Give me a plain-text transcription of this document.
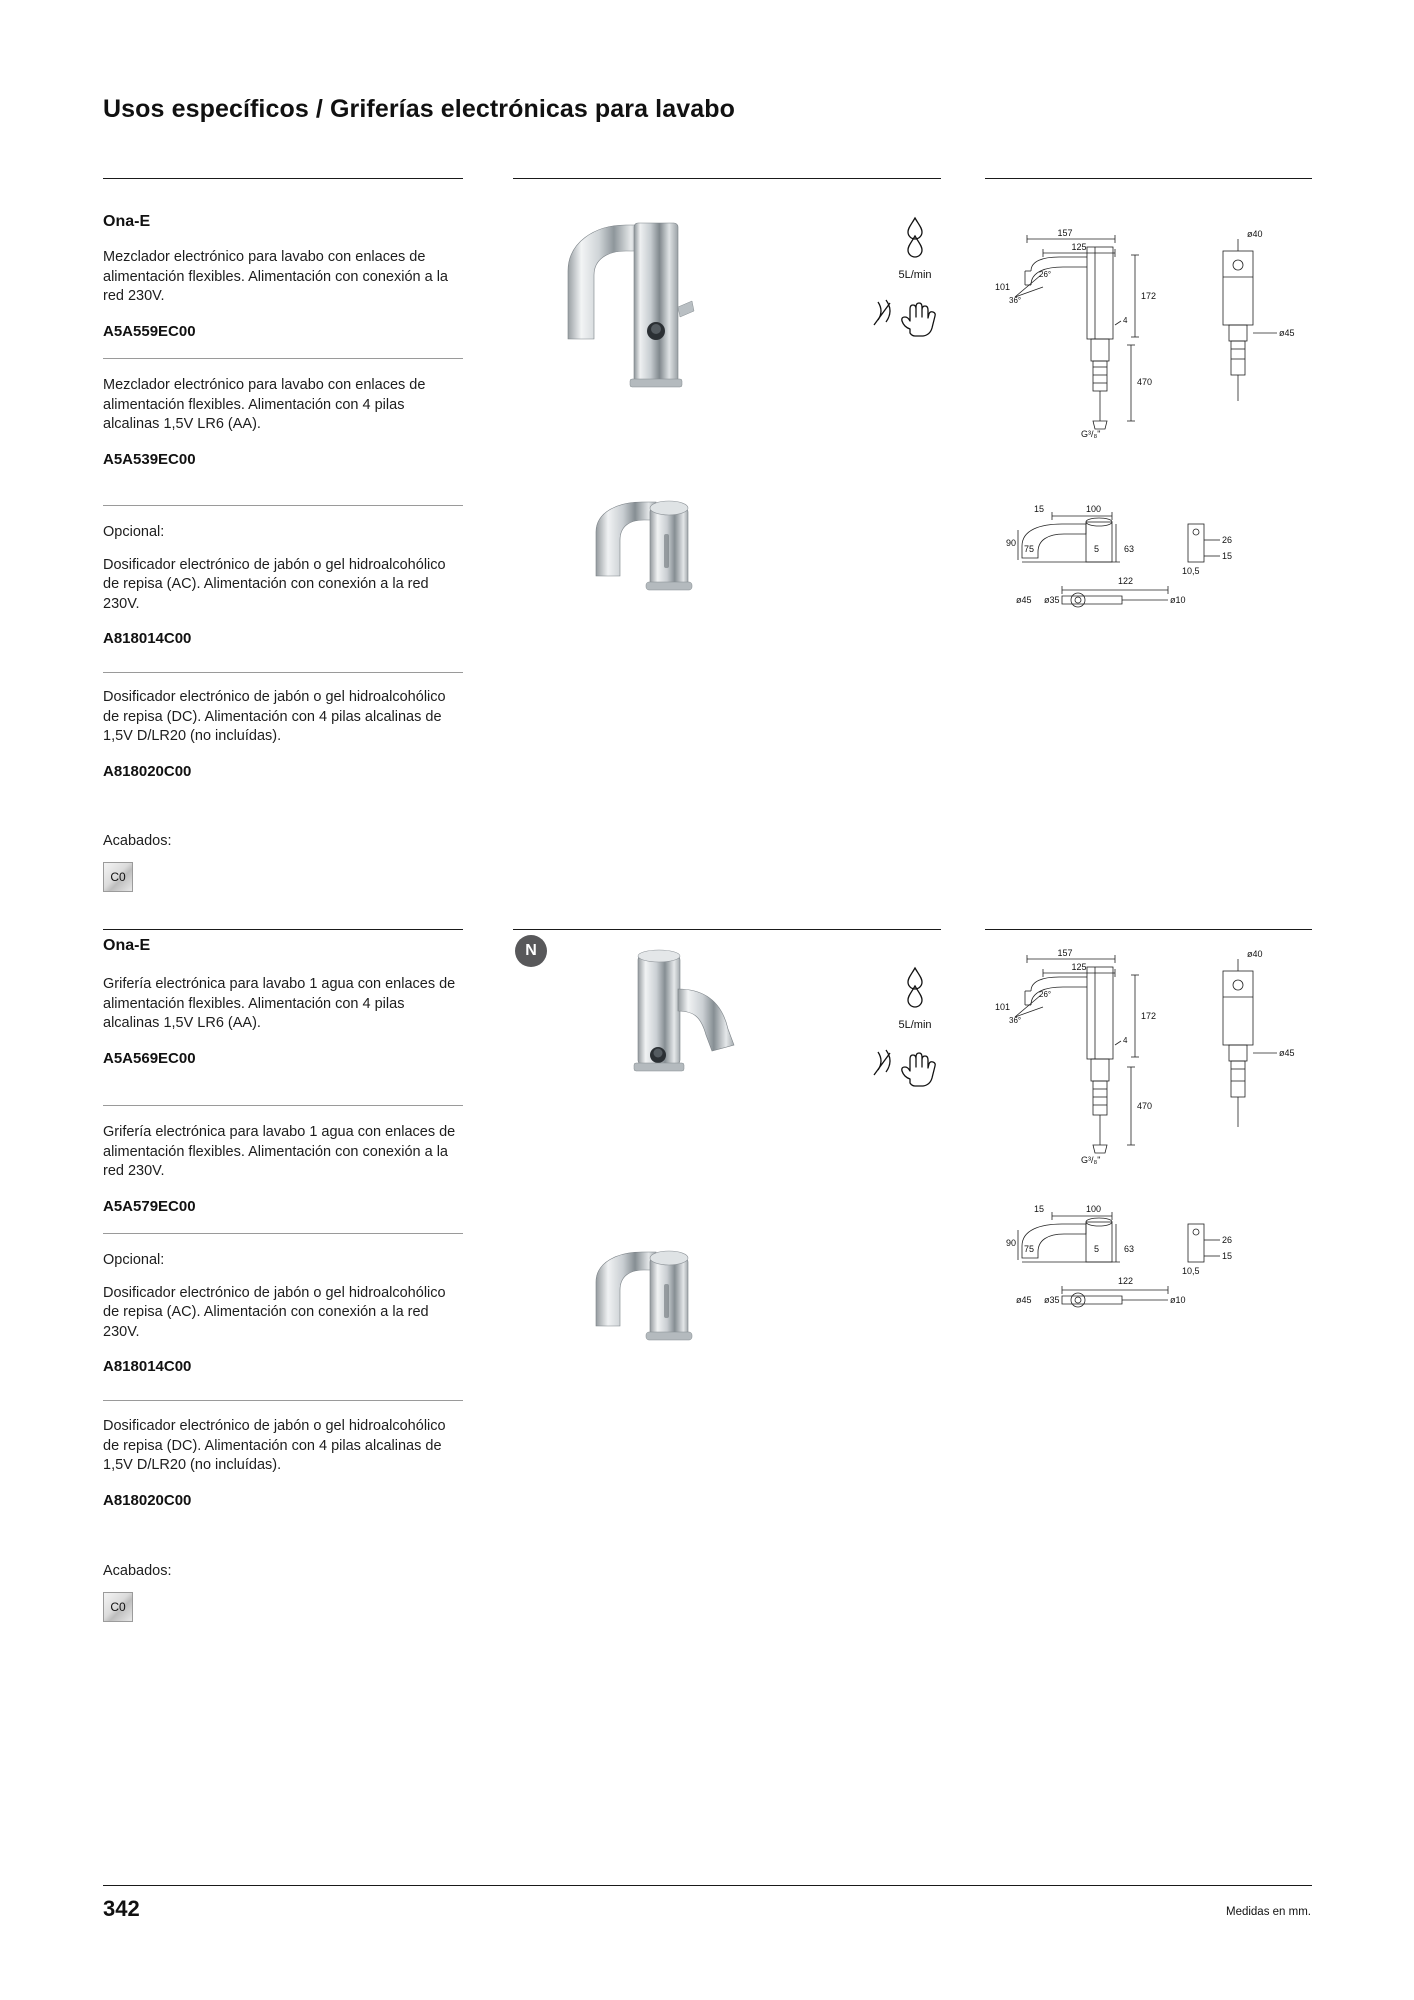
Usos específicos / Griferías electrónicas para lavabo
Ona-E
Mezclador electrónico para lavabo con enlaces de alimentación flexibles. Alimentación con conexión a la red 230V.
A5A559EC00
Mezclador electrónico para lavabo con enlaces de alimentación flexibles. Alimentación con 4 pilas alcalinas 1,5V LR6 (AA).
A5A539EC00
Opcional:
Dosificador electrónico de jabón o gel hidroalcohólico de repisa (AC). Alimentación con conexión a la red 230V.
A818014C00
Dosificador electrónico de jabón o gel hidroalcohólico de repisa (DC). Alimentación con 4 pilas alcalinas de 1,5V D/LR20 (no incluídas).
A818020C00
Acabados:
C0
5L/min
157
125
101
26°
36°	172
4
470
G³/₈"
ø40
ø45
15	100
90
75	5	63
26
15
10,5
122
ø10
ø45 ø35
N
Ona-E
Grifería electrónica para lavabo 1 agua con enlaces de alimentación flexibles. Alimentación con 4 pilas alcalinas 1,5V LR6 (AA).
A5A569EC00
Grifería electrónica para lavabo 1 agua con enlaces de alimentación flexibles. Alimentación con conexión a la red 230V.
A5A579EC00
Opcional:
Dosificador electrónico de jabón o gel hidroalcohólico de repisa (AC). Alimentación con conexión a la red 230V.
A818014C00
Dosificador electrónico de jabón o gel hidroalcohólico de repisa (DC). Alimentación con 4 pilas alcalinas de 1,5V D/LR20 (no incluídas).
A818020C00
Acabados:
C0
5L/min
157
125
101
26°
36°	172
4
470
G³/₈"
ø40
ø45
15	100
90
75	5	63
26
15
10,5
122
ø10
ø45 ø35
342	Medidas en mm.
